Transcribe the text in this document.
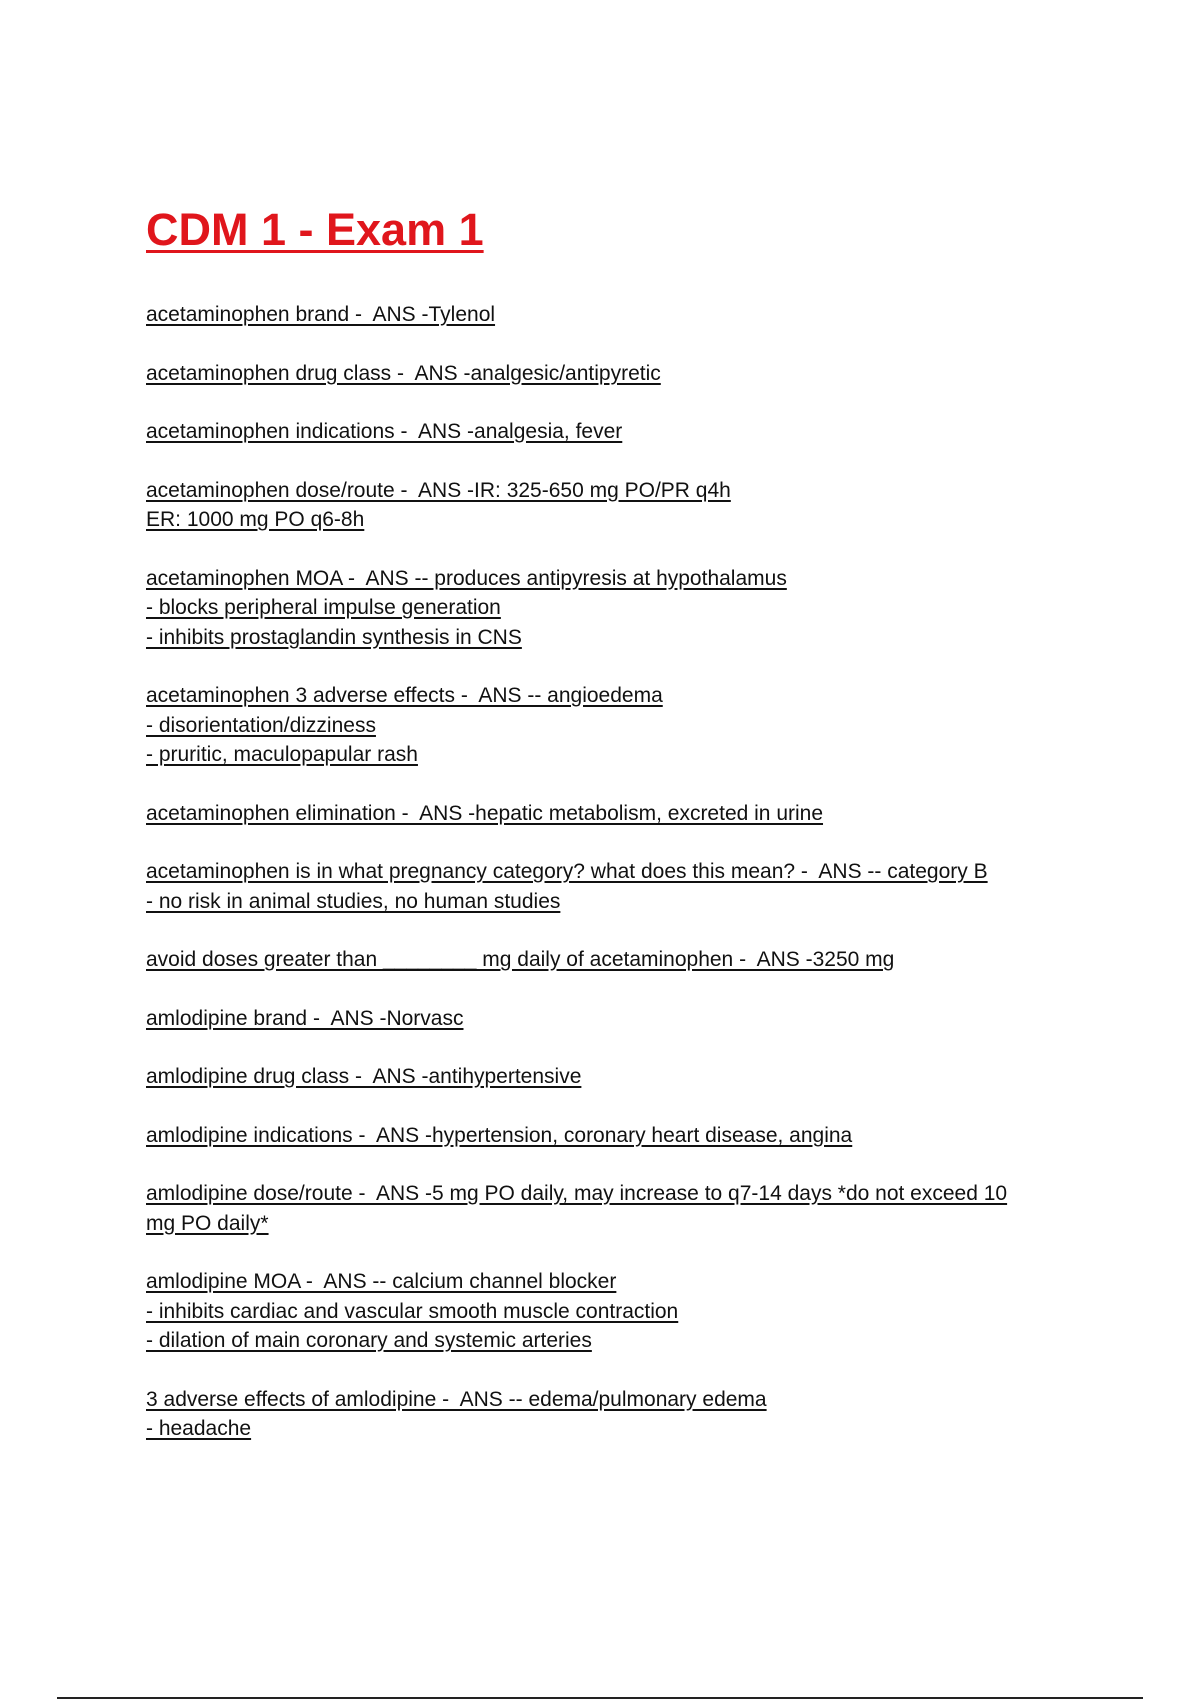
CDM 1 - Exam 1
acetaminophen brand -  ANS -Tylenol
acetaminophen drug class -  ANS -analgesic/antipyretic
acetaminophen indications -  ANS -analgesia, fever
acetaminophen dose/route -  ANS -IR: 325-650 mg PO/PR q4h
ER: 1000 mg PO q6-8h
acetaminophen MOA -  ANS -- produces antipyresis at hypothalamus
- blocks peripheral impulse generation
- inhibits prostaglandin synthesis in CNS
acetaminophen 3 adverse effects -  ANS -- angioedema
- disorientation/dizziness
- pruritic, maculopapular rash
acetaminophen elimination -  ANS -hepatic metabolism, excreted in urine
acetaminophen is in what pregnancy category? what does this mean? -  ANS -- category B
- no risk in animal studies, no human studies
avoid doses greater than ________ mg daily of acetaminophen -  ANS -3250 mg
amlodipine brand -  ANS -Norvasc
amlodipine drug class -  ANS -antihypertensive
amlodipine indications -  ANS -hypertension, coronary heart disease, angina
amlodipine dose/route -  ANS -5 mg PO daily, may increase to q7-14 days *do not exceed 10
mg PO daily*
amlodipine MOA -  ANS -- calcium channel blocker
- inhibits cardiac and vascular smooth muscle contraction
- dilation of main coronary and systemic arteries
3 adverse effects of amlodipine -  ANS -- edema/pulmonary edema
- headache
